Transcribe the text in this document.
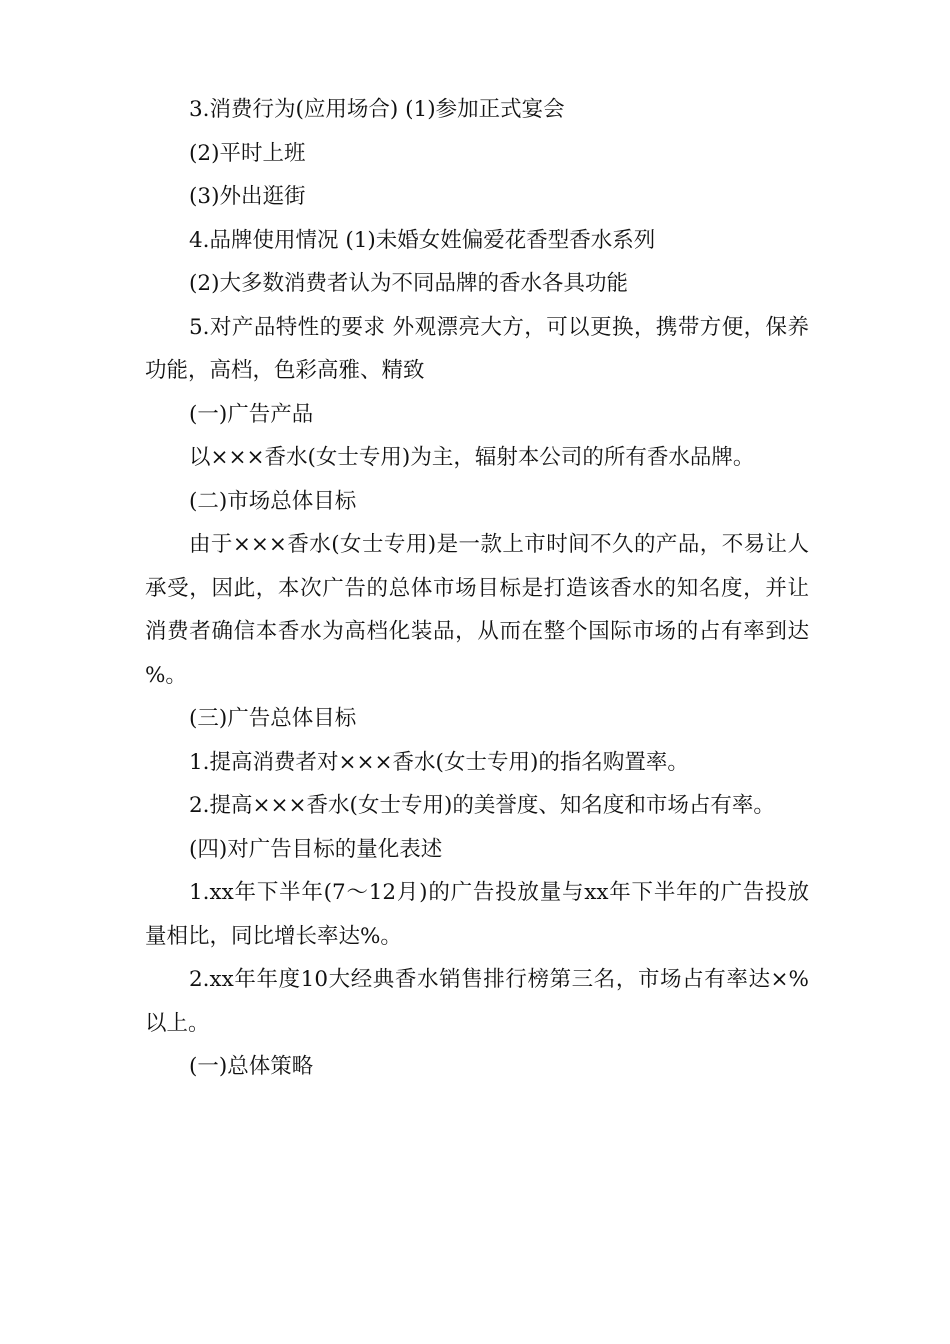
3.消费行为(应用场合) (1)参加正式宴会

(2)平时上班

(3)外出逛街

4.品牌使用情况 (1)未婚女姓偏爱花香型香水系列

(2)大多数消费者认为不同品牌的香水各具功能

5.对产品特性的要求 外观漂亮大方，可以更换，携带方便，保养功能，高档，色彩高雅、精致

(一)广告产品

以×××香水(女士专用)为主，辐射本公司的所有香水品牌。

(二)市场总体目标

由于×××香水(女士专用)是一款上市时间不久的产品，不易让人承受，因此，本次广告的总体市场目标是打造该香水的知名度，并让消费者确信本香水为高档化装品，从而在整个国际市场的占有率到达 %。

(三)广告总体目标

1.提高消费者对×××香水(女士专用)的指名购置率。

2.提高×××香水(女士专用)的美誉度、知名度和市场占有率。

(四)对广告目标的量化表述

1.xx年下半年(7～12月)的广告投放量与xx年下半年的广告投放量相比，同比增长率达%。

2.xx年年度10大经典香水销售排行榜第三名，市场占有率达×%以上。

(一)总体策略
